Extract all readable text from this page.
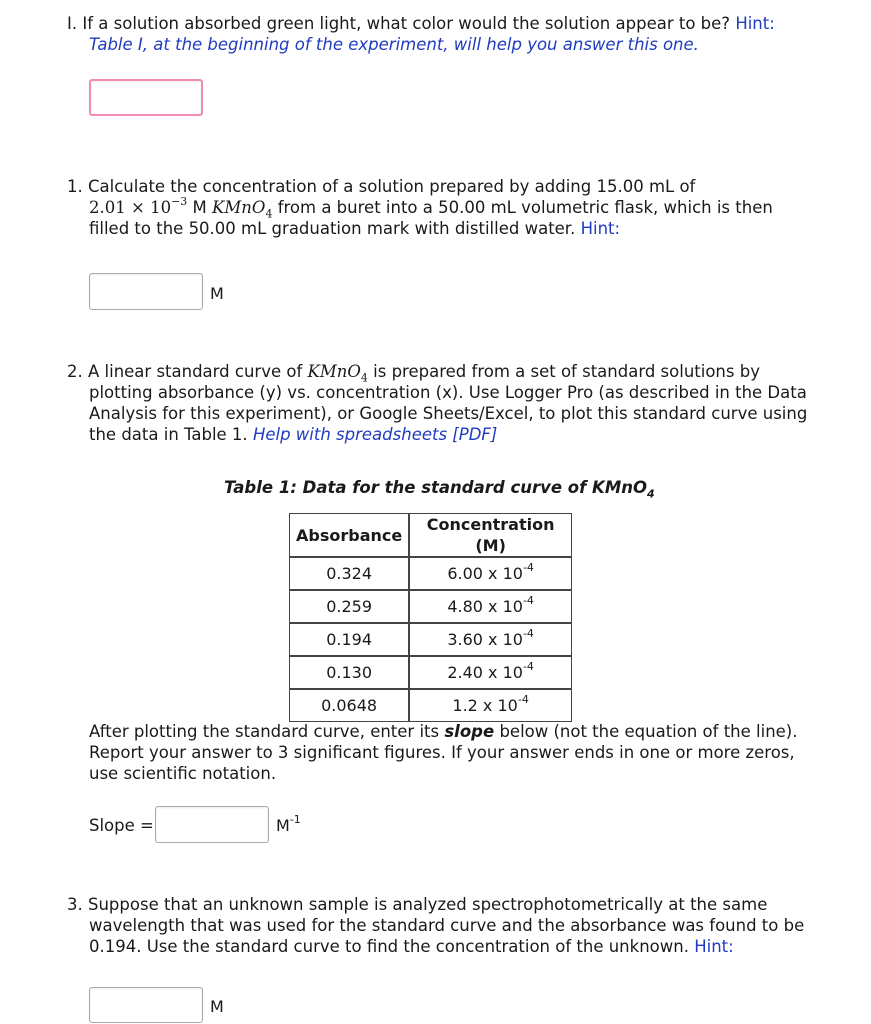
I. If a solution absorbed green light, what color would the solution appear to be? Hint:
Table I, at the beginning of the experiment, will help you answer this one.
1. Calculate the concentration of a solution prepared by adding 15.00 mL of
$2.01 \times 10^{-3}$ M KMnO$_4$ from a buret into a 50.00 mL volumetric flask, which is then
filled to the 50.00 mL graduation mark with distilled water. Hint:
M
2. A linear standard curve of KMnO$_4$ is prepared from a set of standard solutions by
plotting absorbance (y) vs. concentration (x). Use Logger Pro (as described in the Data
Analysis for this experiment), or Google Sheets/Excel, to plot this standard curve using
the data in Table 1. Help with spreadsheets [PDF]
Table 1: Data for the standard curve of KMnO$_4$
Absorbance	Concentration (M)
0.324	6.00 x $10^{-4}$
0.259	4.80 x $10^{-4}$
0.194	3.60 x $10^{-4}$
0.130	2.40 x $10^{-4}$
0.0648	1.2 x $10^{-4}$
After plotting the standard curve, enter its slope below (not the equation of the line).
Report your answer to 3 significant figures. If your answer ends in one or more zeros,
use scientific notation.
Slope =	$M^{-1}$
3. Suppose that an unknown sample is analyzed spectrophotometrically at the same
wavelength that was used for the standard curve and the absorbance was found to be
0.194. Use the standard curve to find the concentration of the unknown. Hint:
M
